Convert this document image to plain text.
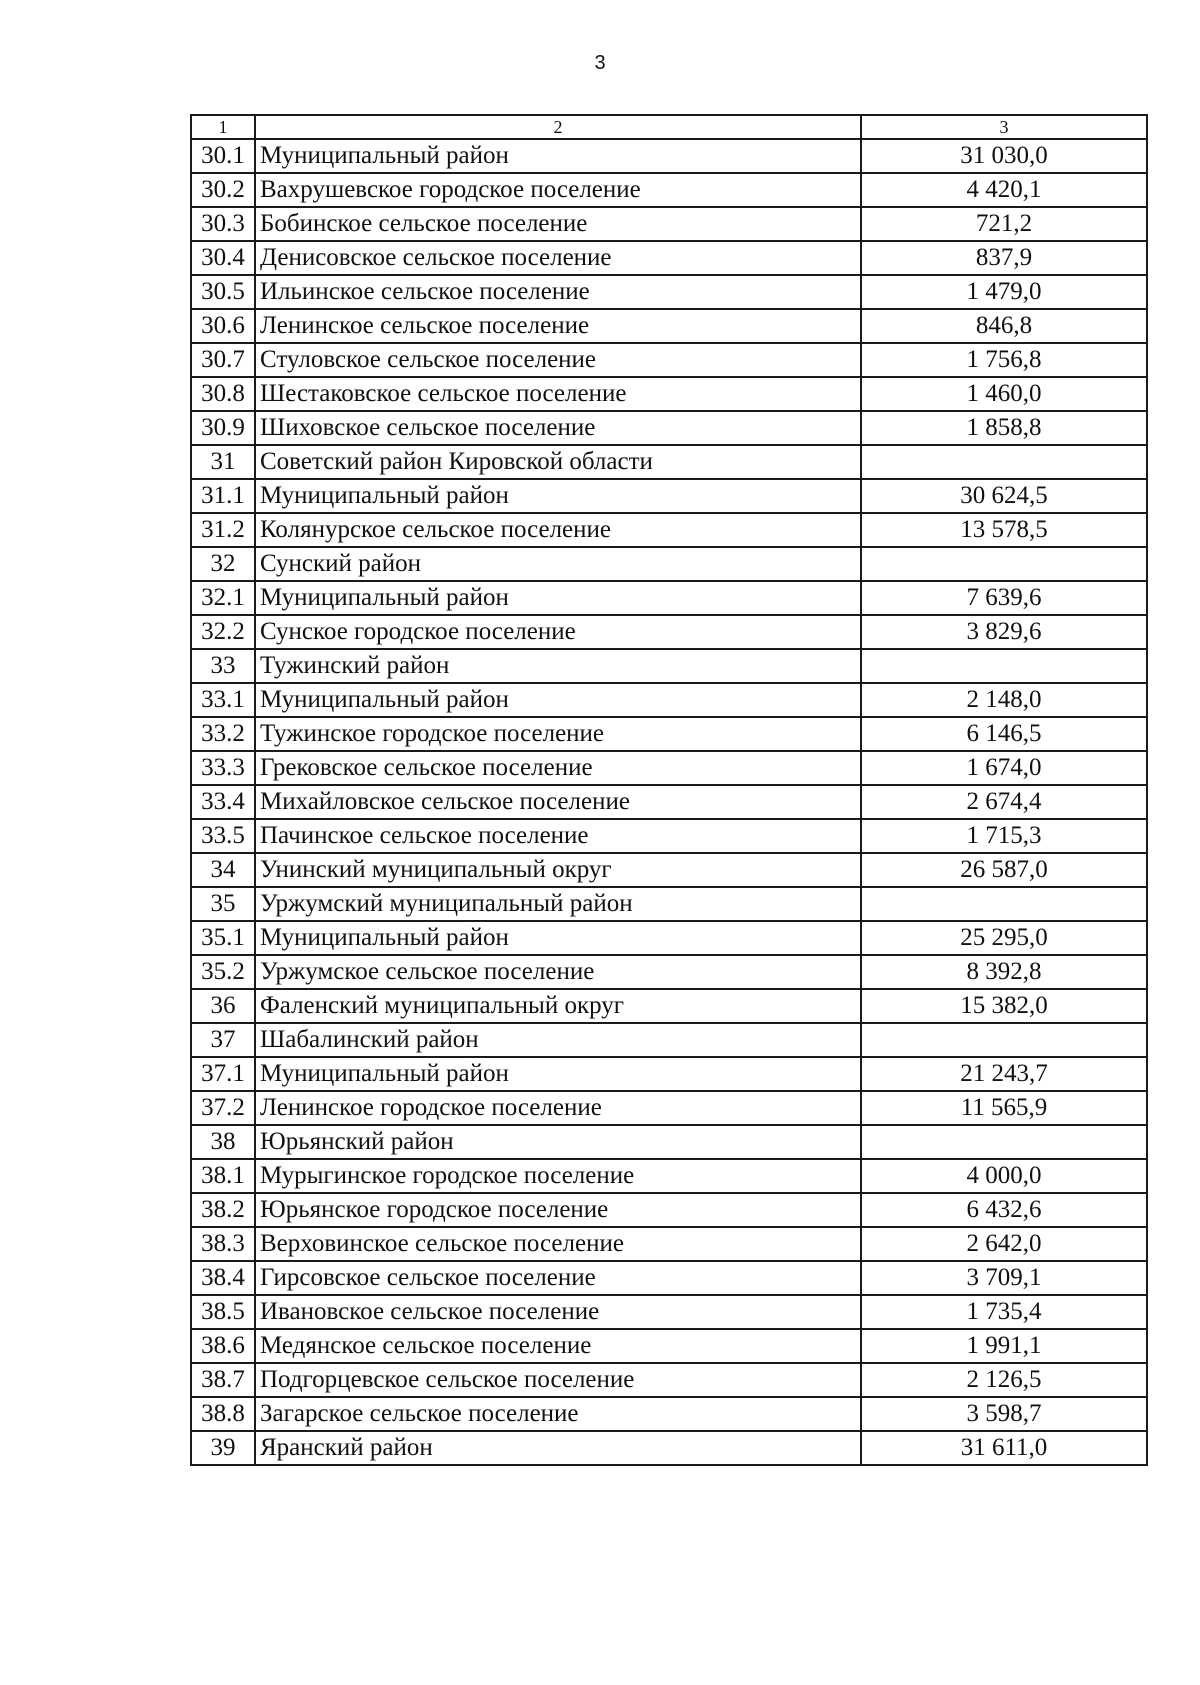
3
1	2	3
30.1	Муниципальный район	31 030,0
30.2	Вахрушевское городское поселение	4 420,1
30.3	Бобинское сельское поселение	721,2
30.4	Денисовское сельское поселение	837,9
30.5	Ильинское сельское поселение	1 479,0
30.6	Ленинское сельское поселение	846,8
30.7	Стуловское сельское поселение	1 756,8
30.8	Шестаковское сельское поселение	1 460,0
30.9	Шиховское сельское поселение	1 858,8
31	Советский район Кировской области	
31.1	Муниципальный район	30 624,5
31.2	Колянурское сельское поселение	13 578,5
32	Сунский район	
32.1	Муниципальный район	7 639,6
32.2	Сунское городское поселение	3 829,6
33	Тужинский район	
33.1	Муниципальный район	2 148,0
33.2	Тужинское городское поселение	6 146,5
33.3	Грековское сельское поселение	1 674,0
33.4	Михайловское сельское поселение	2 674,4
33.5	Пачинское сельское поселение	1 715,3
34	Унинский муниципальный округ	26 587,0
35	Уржумский муниципальный район	
35.1	Муниципальный район	25 295,0
35.2	Уржумское сельское поселение	8 392,8
36	Фаленский муниципальный округ	15 382,0
37	Шабалинский район	
37.1	Муниципальный район	21 243,7
37.2	Ленинское городское поселение	11 565,9
38	Юрьянский район	
38.1	Мурыгинское городское поселение	4 000,0
38.2	Юрьянское городское поселение	6 432,6
38.3	Верховинское сельское поселение	2 642,0
38.4	Гирсовское сельское поселение	3 709,1
38.5	Ивановское сельское поселение	1 735,4
38.6	Медянское сельское поселение	1 991,1
38.7	Подгорцевское сельское поселение	2 126,5
38.8	Загарское сельское поселение	3 598,7
39	Яранский район	31 611,0
